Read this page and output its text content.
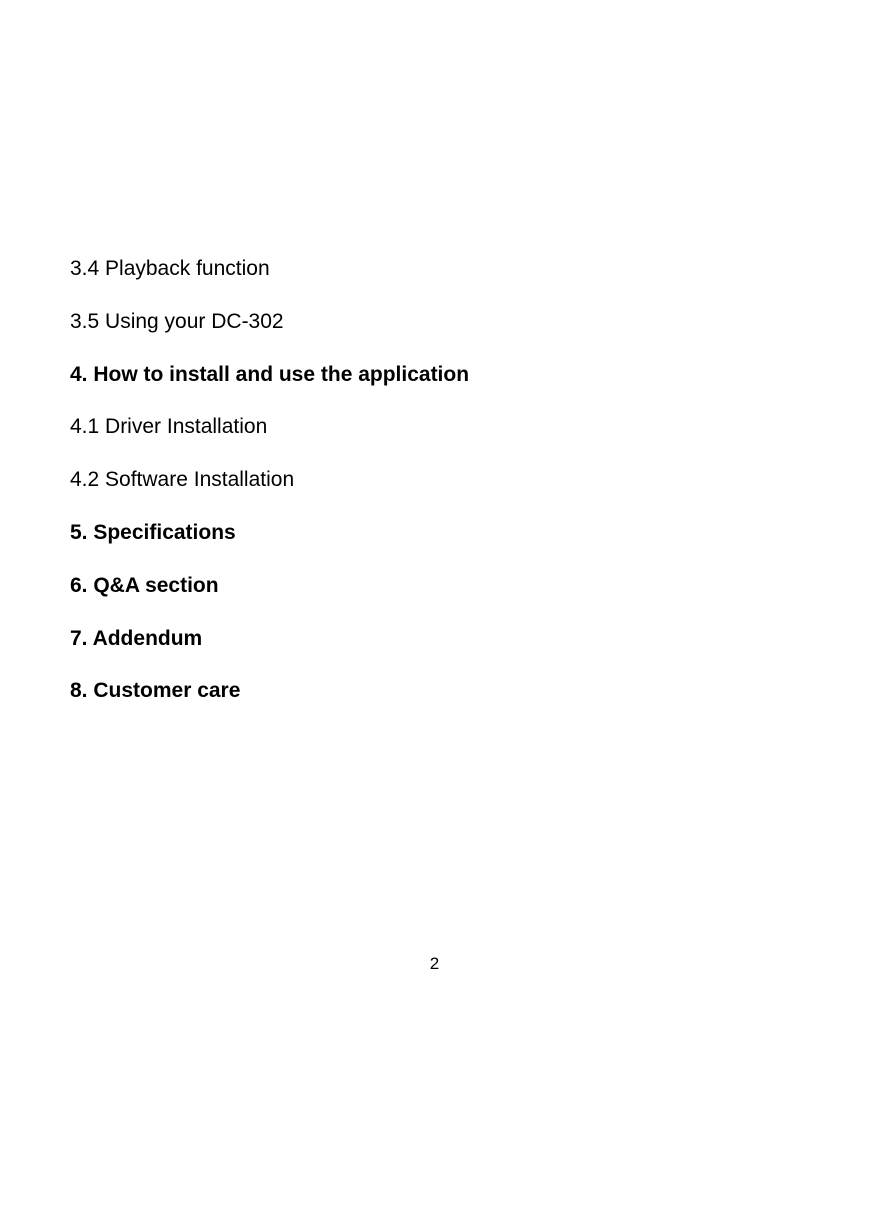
3.4 Playback function
3.5 Using your DC-302
4. How to install and use the application
4.1 Driver Installation
4.2 Software Installation
5. Specifications
6. Q&A section
7. Addendum
8. Customer care
2
